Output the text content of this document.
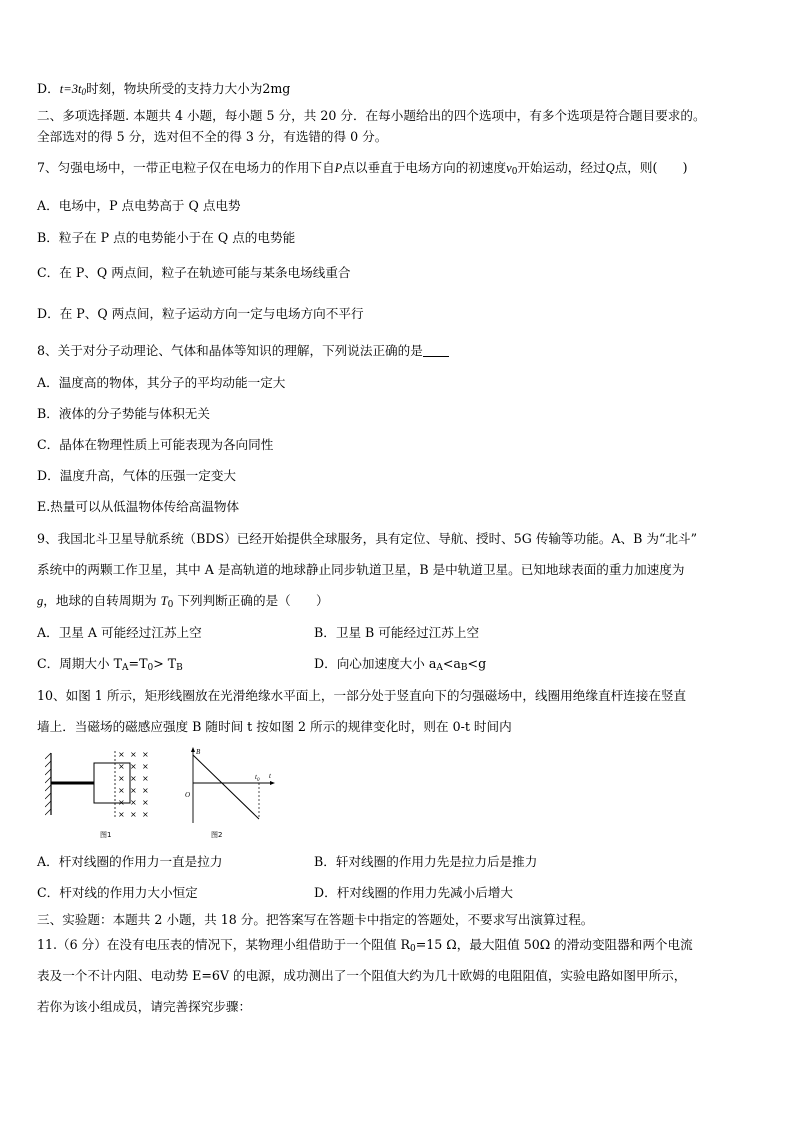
D．$t=3t_0$时刻，物块所受的支持力大小为2mg
二、多项选择题. 本题共 4 小题，每小题 5 分，共 20 分．在每小题给出的四个选项中，有多个选项是符合题目要求的。
全部选对的得 5 分，选对但不全的得 3 分，有选错的得 0 分。
7、匀强电场中，一带正电粒子仅在电场力的作用下自P点以垂直于电场方向的初速度$v_0$开始运动，经过Q点，则(　　)
A．电场中，P 点电势高于 Q 点电势
B．粒子在 P 点的电势能小于在 Q 点的电势能
C．在 P、Q 两点间，粒子在轨迹可能与某条电场线重合
D．在 P、Q 两点间，粒子运动方向一定与电场方向不平行
8、关于对分子动理论、气体和晶体等知识的理解，下列说法正确的是
A．温度高的物体，其分子的平均动能一定大
B．液体的分子势能与体积无关
C．晶体在物理性质上可能表现为各向同性
D．温度升高，气体的压强一定变大
E.热量可以从低温物体传给高温物体
9、我国北斗卫星导航系统（BDS）已经开始提供全球服务，具有定位、导航、授时、5G 传输等功能。A、B 为“北斗”
系统中的两颗工作卫星，其中 A 是高轨道的地球静止同步轨道卫星，B 是中轨道卫星。已知地球表面的重力加速度为
g，地球的自转周期为 $T_0$ 下列判断正确的是（　　）
A．卫星 A 可能经过江苏上空	B．卫星 B 可能经过江苏上空
C．周期大小 $T_A=T_0> T_B$	D．向心加速度大小 $a_A<a_B<g$
10、如图 1 所示，矩形线圈放在光滑绝缘水平面上，一部分处于竖直向下的匀强磁场中，线圈用绝缘直杆连接在竖直
墙上．当磁场的磁感应强度 B 随时间 t 按如图 2 所示的规律变化时，则在 0-t 时间内
× × ×
× × ×
× × ×
× × ×
× × ×
× × ×
图1
B
t
O
$t_0$
图2
A．杆对线圈的作用力一直是拉力	B．轩对线圈的作用力先是拉力后是推力
C．杆对线的作用力大小恒定	D．杆对线圈的作用力先减小后增大
三、实验题：本题共 2 小题，共 18 分。把答案写在答题卡中指定的答题处，不要求写出演算过程。
11.（6 分）在没有电压表的情况下，某物理小组借助于一个阻值 $R_0=15$ Ω，最大阻值 50Ω 的滑动变阻器和两个电流
表及一个不计内阻、电动势 E=6V 的电源，成功测出了一个阻值大约为几十欧姆的电阻阻值，实验电路如图甲所示，
若你为该小组成员，请完善探究步骤：
